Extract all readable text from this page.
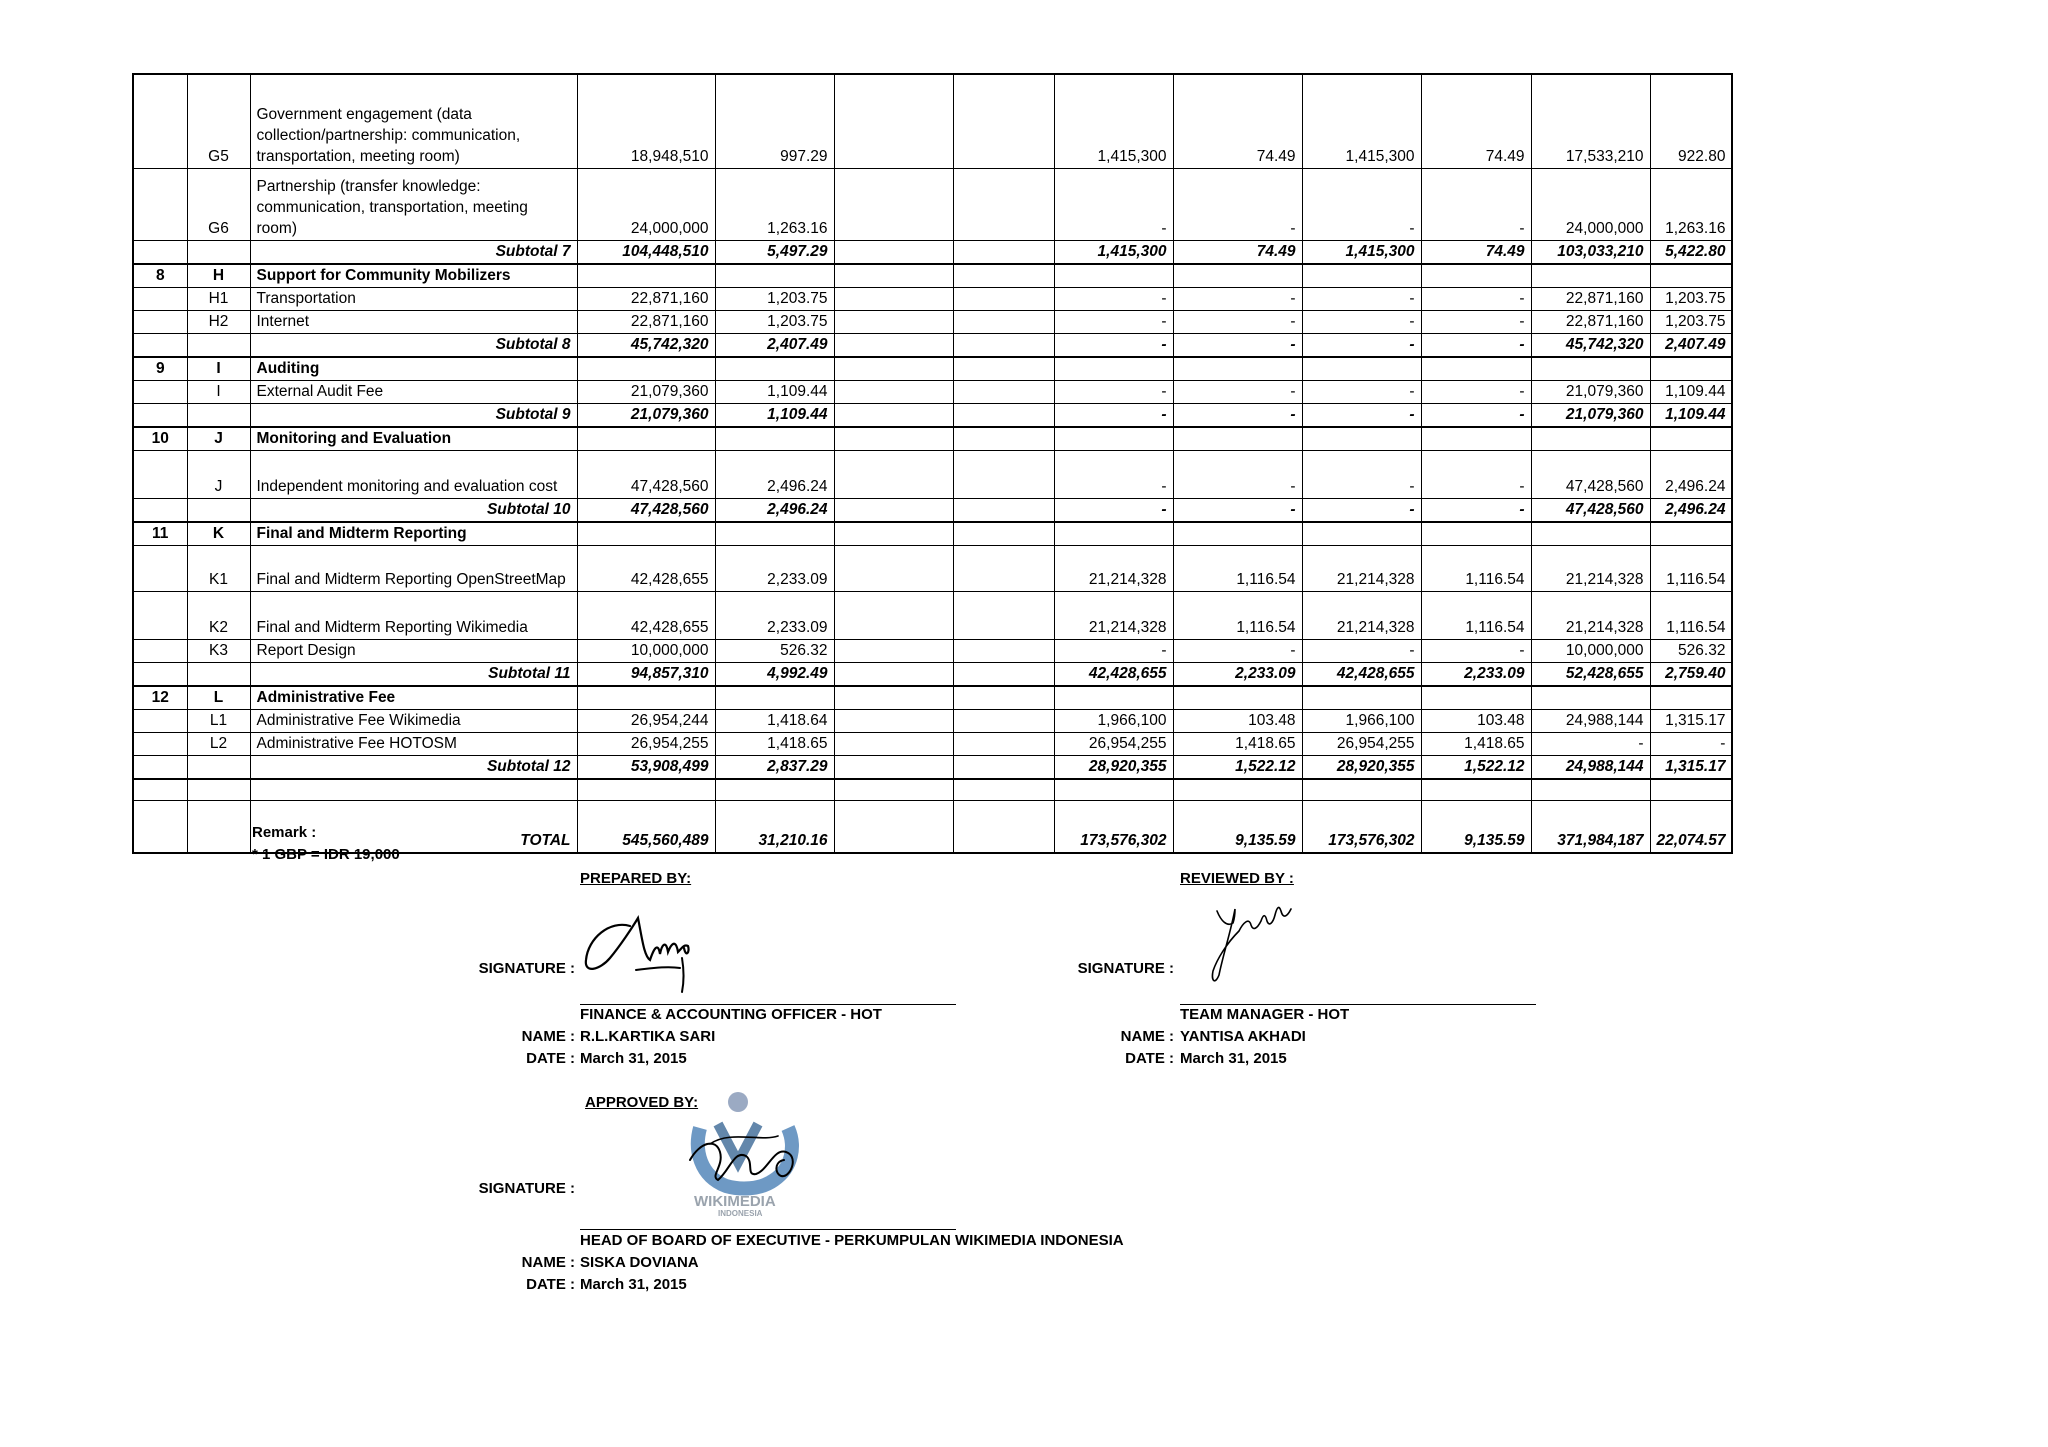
	G5	Government engagement (data collection/partnership: communication, transportation, meeting room)	18,948,510	997.29			1,415,300	74.49	1,415,300	74.49	17,533,210	922.80
	G6	Partnership (transfer knowledge: communication, transportation, meeting room)	24,000,000	1,263.16			-	-	-	-	24,000,000	1,263.16
		Subtotal 7	104,448,510	5,497.29			1,415,300	74.49	1,415,300	74.49	103,033,210	5,422.80
8	H	Support for Community Mobilizers										
	H1	Transportation	22,871,160	1,203.75			-	-	-	-	22,871,160	1,203.75
	H2	Internet	22,871,160	1,203.75			-	-	-	-	22,871,160	1,203.75
		Subtotal 8	45,742,320	2,407.49			-	-	-	-	45,742,320	2,407.49
9	I	Auditing										
	I	External Audit Fee	21,079,360	1,109.44			-	-	-	-	21,079,360	1,109.44
		Subtotal 9	21,079,360	1,109.44			-	-	-	-	21,079,360	1,109.44
10	J	Monitoring and Evaluation										
	J	Independent monitoring and evaluation cost	47,428,560	2,496.24			-	-	-	-	47,428,560	2,496.24
		Subtotal 10	47,428,560	2,496.24			-	-	-	-	47,428,560	2,496.24
11	K	Final and Midterm Reporting										
	K1	Final and Midterm Reporting OpenStreetMap	42,428,655	2,233.09			21,214,328	1,116.54	21,214,328	1,116.54	21,214,328	1,116.54
	K2	Final and Midterm Reporting Wikimedia	42,428,655	2,233.09			21,214,328	1,116.54	21,214,328	1,116.54	21,214,328	1,116.54
	K3	Report Design	10,000,000	526.32			-	-	-	-	10,000,000	526.32
		Subtotal 11	94,857,310	4,992.49			42,428,655	2,233.09	42,428,655	2,233.09	52,428,655	2,759.40
12	L	Administrative Fee										
	L1	Administrative Fee Wikimedia	26,954,244	1,418.64			1,966,100	103.48	1,966,100	103.48	24,988,144	1,315.17
	L2	Administrative Fee HOTOSM	26,954,255	1,418.65			26,954,255	1,418.65	26,954,255	1,418.65	-	-
		Subtotal 12	53,908,499	2,837.29			28,920,355	1,522.12	28,920,355	1,522.12	24,988,144	1,315.17

		TOTAL	545,560,489	31,210.16			173,576,302	9,135.59	173,576,302	9,135.59	371,984,187	22,074.57
Remark :
* 1 GBP = IDR 19,000
PREPARED BY:
SIGNATURE :
FINANCE & ACCOUNTING OFFICER - HOT
NAME : R.L.KARTIKA SARI
DATE : March 31, 2015
REVIEWED BY :
SIGNATURE :
TEAM MANAGER - HOT
NAME : YANTISA AKHADI
DATE : March 31, 2015
APPROVED BY:
SIGNATURE :
WIKIMEDIA
INDONESIA
HEAD OF BOARD OF EXECUTIVE - PERKUMPULAN WIKIMEDIA INDONESIA
NAME : SISKA DOVIANA
DATE : March 31, 2015
